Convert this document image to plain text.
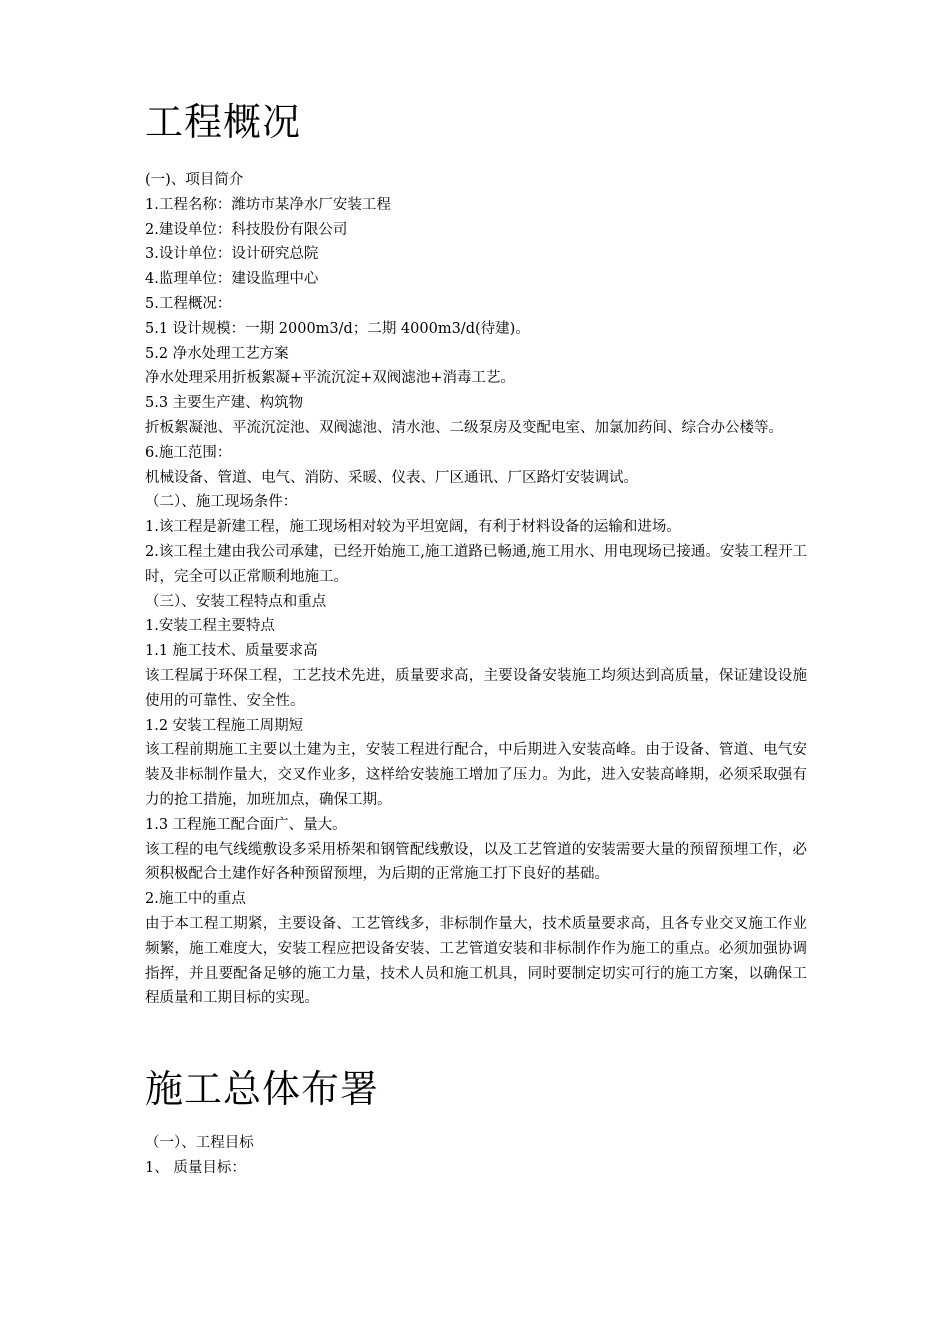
工程概况

(一)、项目简介

1.工程名称：潍坊市某净水厂安装工程

2.建设单位：科技股份有限公司

3.设计单位：设计研究总院

4.监理单位：建设监理中心

5.工程概况：

5.1 设计规模：一期 2000m3/d；二期 4000m3/d(待建)。

5.2 净水处理工艺方案

净水处理采用折板絮凝+平流沉淀+双阀滤池+消毒工艺。

5.3 主要生产建、构筑物

折板絮凝池、平流沉淀池、双阀滤池、清水池、二级泵房及变配电室、加氯加药间、综合办公楼等。

6.施工范围：

机械设备、管道、电气、消防、采暖、仪表、厂区通讯、厂区路灯安装调试。

（二）、施工现场条件：

1.该工程是新建工程，施工现场相对较为平坦宽阔，有利于材料设备的运输和进场。

2.该工程土建由我公司承建，已经开始施工,施工道路已畅通,施工用水、用电现场已接通。安装工程开工时，完全可以正常顺利地施工。

（三）、安装工程特点和重点

1.安装工程主要特点

1.1 施工技术、质量要求高

该工程属于环保工程，工艺技术先进，质量要求高，主要设备安装施工均须达到高质量，保证建设设施使用的可靠性、安全性。

1.2 安装工程施工周期短

该工程前期施工主要以土建为主，安装工程进行配合，中后期进入安装高峰。由于设备、管道、电气安装及非标制作量大，交叉作业多，这样给安装施工增加了压力。为此，进入安装高峰期，必须采取强有力的抢工措施，加班加点，确保工期。

1.3 工程施工配合面广、量大。

该工程的电气线缆敷设多采用桥架和钢管配线敷设，以及工艺管道的安装需要大量的预留预埋工作，必须积极配合土建作好各种预留预埋，为后期的正常施工打下良好的基础。

2.施工中的重点

由于本工程工期紧，主要设备、工艺管线多，非标制作量大，技术质量要求高，且各专业交叉施工作业频繁，施工难度大，安装工程应把设备安装、工艺管道安装和非标制作作为施工的重点。必须加强协调指挥，并且要配备足够的施工力量，技术人员和施工机具，同时要制定切实可行的施工方案，以确保工程质量和工期目标的实现。

施工总体布署

（一）、工程目标

1、 质量目标：
